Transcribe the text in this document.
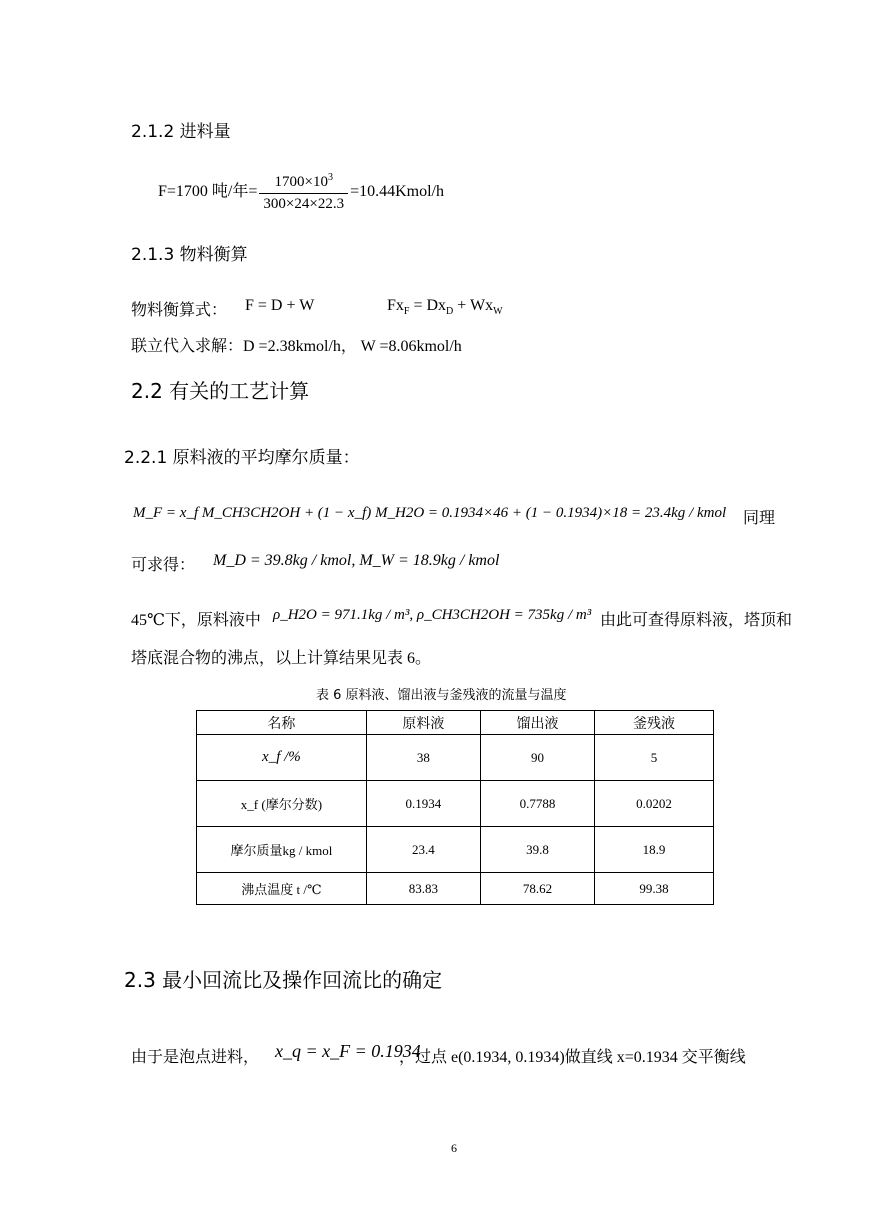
2.1.2 进料量
F=1700 吨/年= $\frac{1700\times 10^3}{300\times 24\times 22.3}$ =10.44Kmol/h
2.1.3 物料衡算
物料衡算式： F = D + W	$Fx_F = Dx_D + Wx_W$
联立代入求解：D =2.38kmol/h， W =8.06kmol/h
2.2 有关的工艺计算
2.2.1 原料液的平均摩尔质量：
M_F = x_f M_CH3CH2OH + (1 − x_f) M_H2O = 0.1934×46 + (1 − 0.1934)×18 = 23.4kg / kmol 同理
可求得： M_D = 39.8kg / kmol, M_W = 18.9kg / kmol
45℃下，原料液中 ρ_H2O = 971.1kg / m³, ρ_CH3CH2OH = 735kg / m³ 由此可查得原料液，塔顶和
塔底混合物的沸点，以上计算结果见表 6。
表 6 原料液、馏出液与釜残液的流量与温度
名称	原料液	馏出液	釜残液
x_f /%	38	90	5
x_f (摩尔分数)	0.1934	0.7788	0.0202
摩尔质量kg / kmol	23.4	39.8	18.9
沸点温度 t /℃	83.83	78.62	99.38
2.3 最小回流比及操作回流比的确定
由于是泡点进料， x_q = x_F = 0.1934
，过点 e(0.1934, 0.1934)做直线 x=0.1934 交平衡线
6
